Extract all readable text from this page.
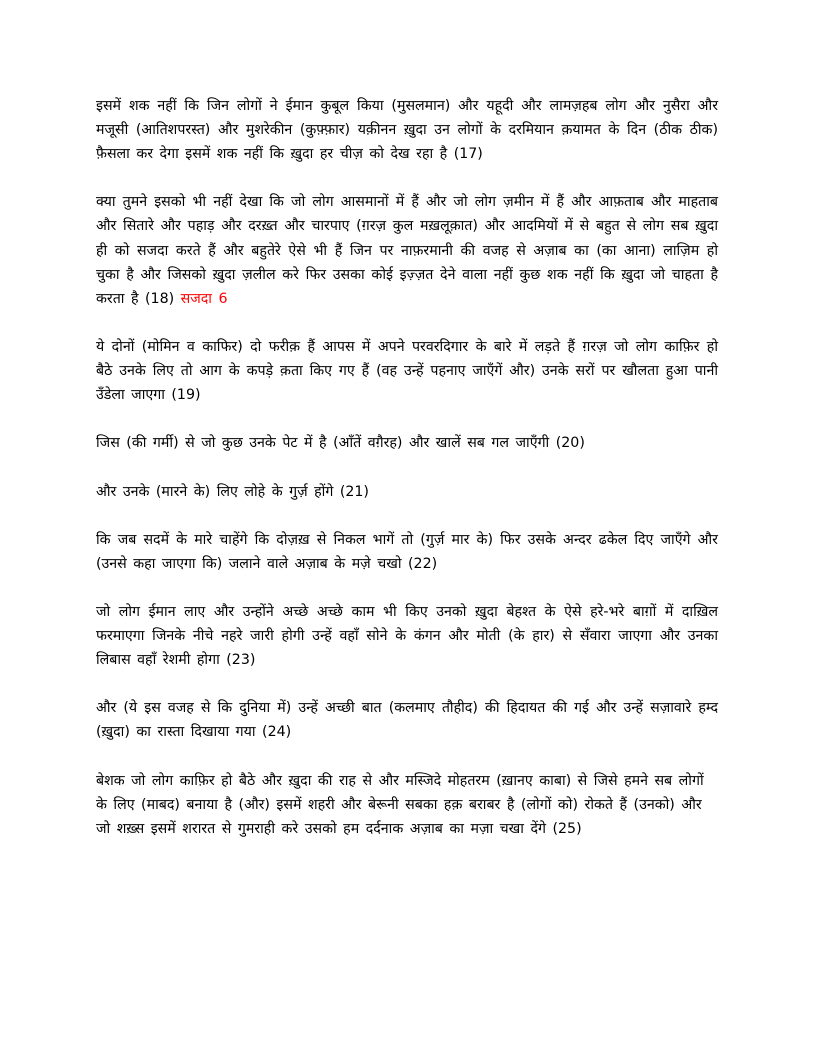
इसमें शक नहीं कि जिन लोगों ने ईमान कुबूल किया (मुसलमान) और यहूदी और लामज़हब लोग और नुसैरा और मजूसी (आतिशपरस्त) और मुशरेकीन (कुफ़्फ़ार) यक़ीनन ख़ुदा उन लोगों के दरमियान क़यामत के दिन (ठीक ठीक) फ़ैसला कर देगा इसमें शक नहीं कि ख़ुदा हर चीज़ को देख रहा है (17)

क्या तुमने इसको भी नहीं देखा कि जो लोग आसमानों में हैं और जो लोग ज़मीन में हैं और आफ़ताब और माहताब और सितारे और पहाड़ और दरख़्त और चारपाए (ग़रज़ कुल मख़लूक़ात) और आदमियों में से बहुत से लोग सब ख़ुदा ही को सजदा करते हैं और बहुतेरे ऐसे भी हैं जिन पर नाफ़रमानी की वजह से अज़ाब का (का आना) लाज़िम हो चुका है और जिसको ख़ुदा ज़लील करे फिर उसका कोई इज़्ज़त देने वाला नहीं कुछ शक नहीं कि ख़ुदा जो चाहता है करता है (18) सजदा 6

ये दोनों (मोमिन व काफिर) दो फरीक़ हैं आपस में अपने परवरदिगार के बारे में लड़ते हैं ग़रज़ जो लोग काफ़िर हो बैठे उनके लिए तो आग के कपड़े क़ता किए गए हैं (वह उन्हें पहनाए जाएँगें और) उनके सरों पर खौलता हुआ पानी उँडेला जाएगा (19)

जिस (की गर्मी) से जो कुछ उनके पेट में है (आँतें वग़ैरह) और खालें सब गल जाएँगी (20)

और उनके (मारने के) लिए लोहे के गुर्ज़ होंगे (21)

कि जब सदमें के मारे चाहेंगे कि दोज़ख़ से निकल भागें तो (गुर्ज़ मार के) फिर उसके अन्दर ढकेल दिए जाएँगे और (उनसे कहा जाएगा कि) जलाने वाले अज़ाब के मज़े चखो (22)

जो लोग ईमान लाए और उन्होंने अच्छे अच्छे काम भी किए उनको ख़ुदा बेहश्त के ऐसे हरे-भरे बाग़ों में दाख़िल फरमाएगा जिनके नीचे नहरे जारी होगी उन्हें वहाँ सोने के कंगन और मोती (के हार) से सँवारा जाएगा और उनका लिबास वहाँ रेशमी होगा (23)

और (ये इस वजह से कि दुनिया में) उन्हें अच्छी बात (कलमाए तौहीद) की हिदायत की गई और उन्हें सज़ावारे हम्द (ख़ुदा) का रास्ता दिखाया गया (24)

बेशक जो लोग काफ़िर हो बैठे और ख़ुदा की राह से और मस्जिदे मोहतरम (ख़ानए काबा) से जिसे हमने सब लोगों के लिए (माबद) बनाया है (और) इसमें शहरी और बेरूनी सबका हक़ बराबर है (लोगों को) रोकते हैं (उनको) और जो शख़्स इसमें शरारत से गुमराही करे उसको हम दर्दनाक अज़ाब का मज़ा चखा देंगे (25)
